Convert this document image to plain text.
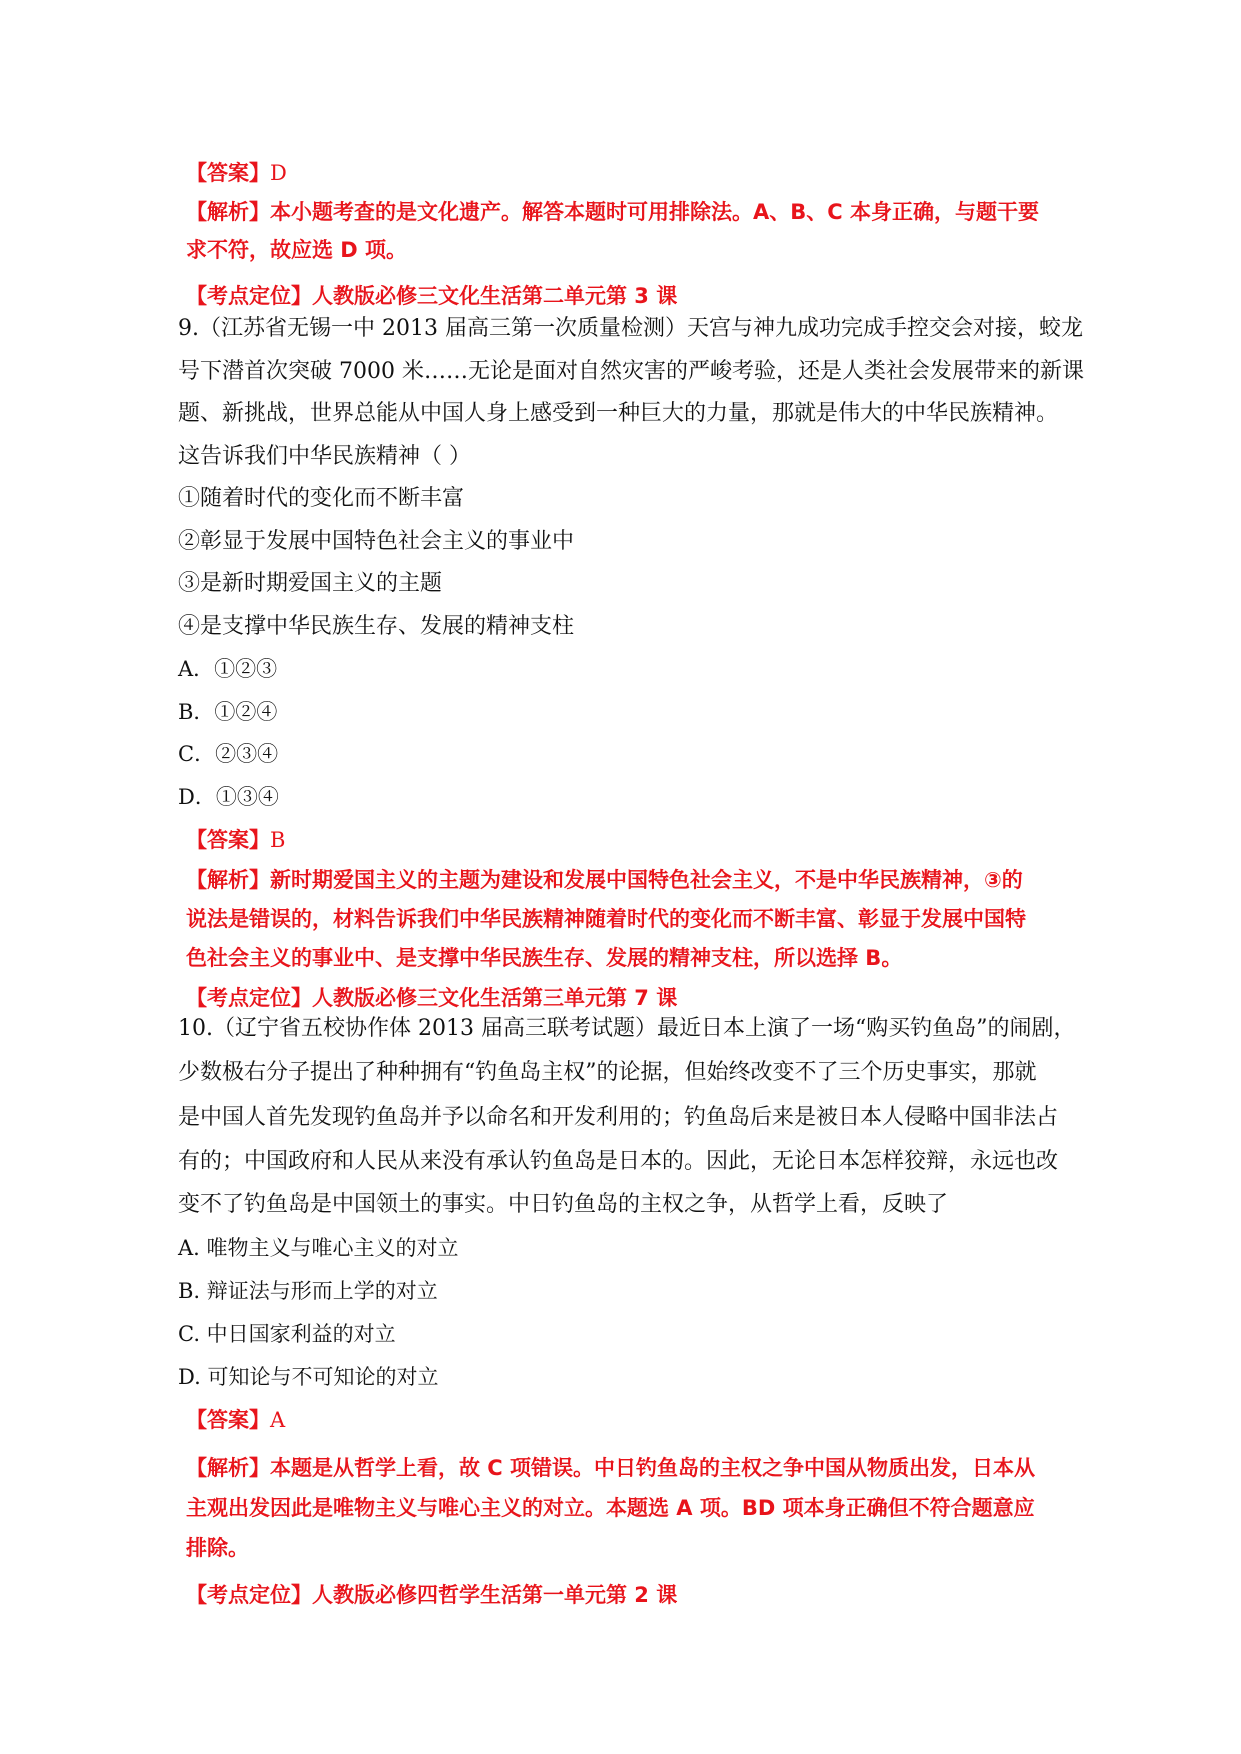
【答案】D
【解析】本小题考查的是文化遗产。解答本题时可用排除法。A、B、C 本身正确，与题干要
求不符，故应选 D 项。
【考点定位】人教版必修三文化生活第二单元第 3 课
9.（江苏省无锡一中 2013 届高三第一次质量检测）天宫与神九成功完成手控交会对接，蛟龙
号下潜首次突破 7000 米……无论是面对自然灾害的严峻考验，还是人类社会发展带来的新课
题、新挑战，世界总能从中国人身上感受到一种巨大的力量，那就是伟大的中华民族精神。
这告诉我们中华民族精神（ ）
①随着时代的变化而不断丰富
②彰显于发展中国特色社会主义的事业中
③是新时期爱国主义的主题
④是支撑中华民族生存、发展的精神支柱
A．①②③
B．①②④
C．②③④
D．①③④
【答案】B
【解析】新时期爱国主义的主题为建设和发展中国特色社会主义，不是中华民族精神，③的
说法是错误的，材料告诉我们中华民族精神随着时代的变化而不断丰富、彰显于发展中国特
色社会主义的事业中、是支撑中华民族生存、发展的精神支柱，所以选择 B。
【考点定位】人教版必修三文化生活第三单元第 7 课
10.（辽宁省五校协作体 2013 届高三联考试题）最近日本上演了一场“购买钓鱼岛”的闹剧，
少数极右分子提出了种种拥有“钓鱼岛主权”的论据，但始终改变不了三个历史事实，那就
是中国人首先发现钓鱼岛并予以命名和开发利用的；钓鱼岛后来是被日本人侵略中国非法占
有的；中国政府和人民从来没有承认钓鱼岛是日本的。因此，无论日本怎样狡辩，永远也改
变不了钓鱼岛是中国领土的事实。中日钓鱼岛的主权之争，从哲学上看，反映了
A. 唯物主义与唯心主义的对立
B. 辩证法与形而上学的对立
C. 中日国家利益的对立
D. 可知论与不可知论的对立
【答案】A
【解析】本题是从哲学上看，故 C 项错误。中日钓鱼岛的主权之争中国从物质出发，日本从
主观出发因此是唯物主义与唯心主义的对立。本题选 A 项。BD 项本身正确但不符合题意应
排除。
【考点定位】人教版必修四哲学生活第一单元第 2 课
